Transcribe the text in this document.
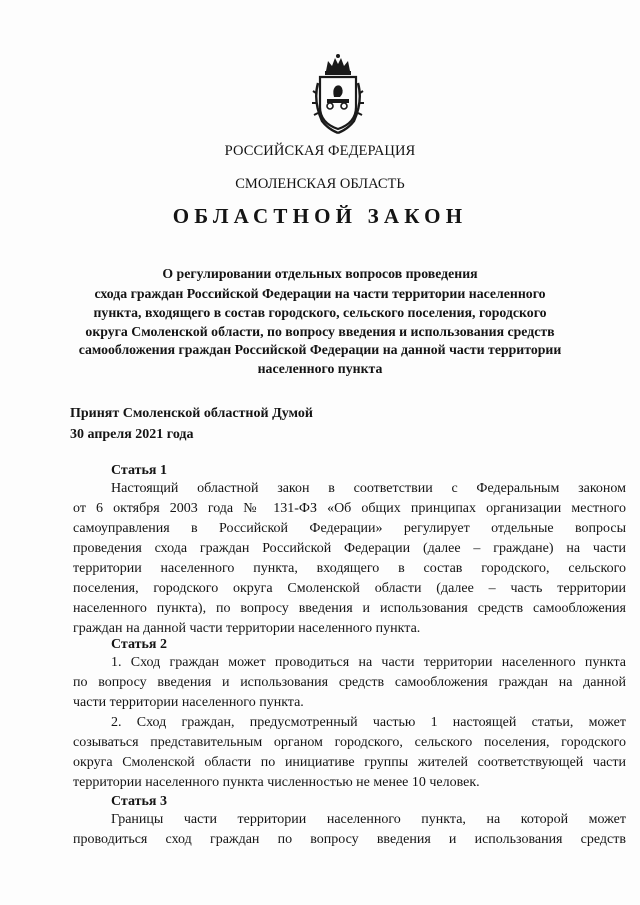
РОССИЙСКАЯ ФЕДЕРАЦИЯ
СМОЛЕНСКАЯ ОБЛАСТЬ
ОБЛАСТНОЙ ЗАКОН
О регулировании отдельных вопросов проведения
схода граждан Российской Федерации на части территории населенного
пункта, входящего в состав городского, сельского поселения, городского
округа Смоленской области, по вопросу введения и использования средств
самообложения граждан Российской Федерации на данной части территории
населенного пункта
Принят Смоленской областной Думой
30 апреля 2021 года
Статья 1
Настоящий областной закон в соответствии с Федеральным законом
от 6 октября 2003 года № 131-ФЗ «Об общих принципах организации местного
самоуправления в Российской Федерации» регулирует отдельные вопросы
проведения схода граждан Российской Федерации (далее – граждане) на части
территории населенного пункта, входящего в состав городского, сельского
поселения, городского округа Смоленской области (далее – часть территории
населенного пункта), по вопросу введения и использования средств самообложения
граждан на данной части территории населенного пункта.
Статья 2
1. Сход граждан может проводиться на части территории населенного пункта
по вопросу введения и использования средств самообложения граждан на данной
части территории населенного пункта.
2. Сход граждан, предусмотренный частью 1 настоящей статьи, может
созываться представительным органом городского, сельского поселения, городского
округа Смоленской области по инициативе группы жителей соответствующей части
территории населенного пункта численностью не менее 10 человек.
Статья 3
Границы части территории населенного пункта, на которой может
проводиться сход граждан по вопросу введения и использования средств
